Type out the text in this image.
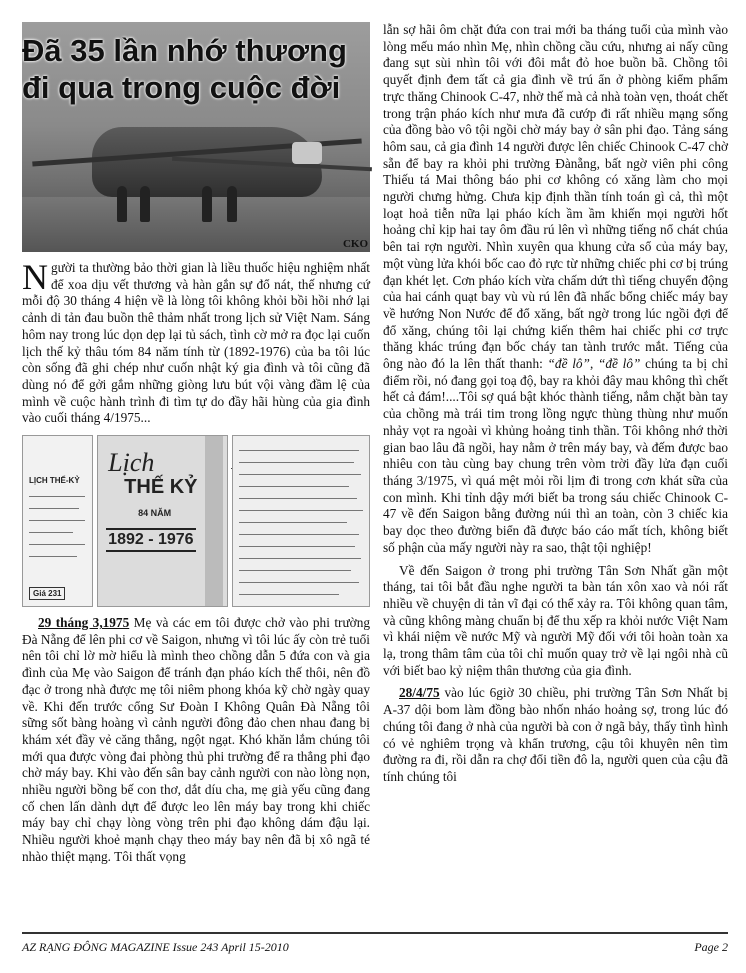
Đã 35 lần nhớ thương đi qua trong cuộc đời
CKO

Người ta thường bảo thời gian là liều thuốc hiệu nghiệm nhất để xoa dịu vết thương và hàn gắn sự đổ nát, thế nhưng cứ mỗi độ 30 tháng 4 hiện về là lòng tôi không khỏi bồi hồi nhớ lại cảnh di tản đau buồn thê thảm nhất trong lịch sử Việt Nam. Sáng hôm nay trong lúc dọn dẹp lại tủ sách, tình cờ mở ra đọc lại cuốn lịch thế kỷ thâu tóm 84 năm tính từ (1892-1976) của ba tôi lúc còn sống đã ghi chép như cuốn nhật ký gia đình và tôi cũng đã dùng nó để gởi gắm những giòng lưu bút vội vàng đầm lệ của mình về cuộc hành trình đi tìm tự do đầy hãi hùng của gia đình vào cuối tháng 4/1975...

LỊCH THẾ-KỶ
Giá 231
Lịch
THẾ KỶ
84 NĂM
1892 - 1976

29 tháng 3,1975 Mẹ và các em tôi được chở vào phi trường Đà Nẵng để lên phi cơ về Saigon, nhưng vì tôi lúc ấy còn trẻ tuổi nên tôi chỉ lờ mờ hiểu là mình theo chồng dẫn 5 đứa con và gia đình của Mẹ vào Saigon để tránh đạn pháo kích thế thôi, nên đồ đạc ở trong nhà được mẹ tôi niêm phong khóa kỹ chờ ngày quay về. Khi đến trước cổng Sư Đoàn I Không Quân Đà Nẵng tôi sững sốt bàng hoàng vì cảnh người đông đảo chen nhau đang bị khám xét đầy vẻ căng thẳng, ngột ngạt. Khó khăn lắm chúng tôi mới qua được vòng đai phòng thủ phi trường để ra thẳng phi đạo chờ máy bay. Khi vào đến sân bay cảnh người con nào lòng nọn, nhiều người bồng bế con thơ, dắt díu cha, mẹ già yếu cũng đang cố chen lấn dành dựt để được leo lên máy bay trong khi chiếc máy bay chỉ chạy lòng vòng trên phi đạo không dám đậu lại. Nhiều người khoẻ mạnh chạy theo máy bay nên đã bị xô ngã té nhào thiệt mạng. Tôi thất vọng

lẫn sợ hãi ôm chặt đứa con trai mới ba tháng tuổi của mình vào lòng mếu máo nhìn Mẹ, nhìn chồng cầu cứu, nhưng ai nấy cũng đang sụt sùi nhìn tôi với đôi mắt đỏ hoe buồn bã. Chồng tôi quyết định đem tất cả gia đình về trú ẩn ở phòng kiểm phẩm trực thăng Chinook C-47, nhờ thế mà cả nhà toàn vẹn, thoát chết trong trận pháo kích như mưa đã cướp đi rất nhiều mạng sống của đồng bào vô tội ngồi chờ máy bay ở sân phi đạo. Tảng sáng hôm sau, cả gia đình 14 người được lên chiếc Chinook C-47 chờ sẵn để bay ra khỏi phi trường Đànẵng, bất ngờ viên phi công Thiếu tá Mai thông báo phi cơ không có xăng làm cho mọi người chưng hửng. Chưa kịp định thần tính toán gì cả, thì một loạt hoả tiễn nữa lại pháo kích ầm ầm khiến mọi người hốt hoảng chỉ kịp hai tay ôm đầu rú lên vì những tiếng nổ chát chúa bên tai rợn người. Nhìn xuyên qua khung cửa sổ của máy bay, một vùng lửa khói bốc cao đỏ rực từ những chiếc phi cơ bị trúng đạn khét lẹt. Cơn pháo kích vừa chấm dứt thì tiếng chuyển động của hai cánh quạt bay vù vù rú lên đã nhấc bổng chiếc máy bay về hướng Non Nước để đổ xăng, bất ngờ trong lúc ngồi đợi để đổ xăng, chúng tôi lại chứng kiến thêm hai chiếc phi cơ trực thăng khác trúng đạn bốc cháy tan tành trước mắt. Tiếng của ông nào đó la lên thất thanh: “đề lô”, “đề lô” chúng ta bị chỉ điểm rồi, nó đang gọi toạ độ, bay ra khỏi đây mau không thì chết hết cả đám!....Tôi sợ quá bật khóc thành tiếng, nắm chặt bàn tay của chồng mà trái tim trong lồng ngực thùng thùng như muốn nhảy vọt ra ngoài vì khủng hoảng tinh thần. Tôi không nhớ thời gian bao lâu đã ngồi, hay nằm ở trên máy bay, và đếm được bao nhiêu con tàu cùng bay chung trên vòm trời đầy lửa đạn cuối tháng 3/1975, vì quá mệt mỏi rồi lịm đi trong cơn khát sữa của con mình. Khi tỉnh dậy mới biết ba trong sáu chiếc Chinook C-47 về đến Saigon bằng đường núi thì an toàn, còn 3 chiếc kia bay dọc theo đường biển đã được báo cáo mất tích, không biết số phận của mấy người này ra sao, thật tội nghiệp!

Về đến Saigon ở trong phi trường Tân Sơn Nhất gần một tháng, tai tôi bắt đầu nghe người ta bàn tán xôn xao và nói rất nhiều về chuyện di tản vĩ đại có thể xảy ra. Tôi không quan tâm, và cũng không màng chuẩn bị để thu xếp ra khỏi nước Việt Nam vì khái niệm về nước Mỹ và người Mỹ đối với tôi hoàn toàn xa lạ, trong thâm tâm của tôi chỉ muốn quay trở về lại ngôi nhà cũ với biết bao kỷ niệm thân thương của gia đình.

28/4/75 vào lúc 6giờ 30 chiều, phi trường Tân Sơn Nhất bị A-37 dội bom làm đồng bào nhốn nháo hoảng sợ, trong lúc đó chúng tôi đang ở nhà của người bà con ở ngã bảy, thấy tình hình có vẻ nghiêm trọng và khẩn trương, cậu tôi khuyên nên tìm đường ra đi, rồi dẫn ra chợ đổi tiền đô la, người quen của cậu đã tính chúng tôi

AZ RẠNG ĐÔNG MAGAZINE Issue 243 April 15-2010	Page 2
